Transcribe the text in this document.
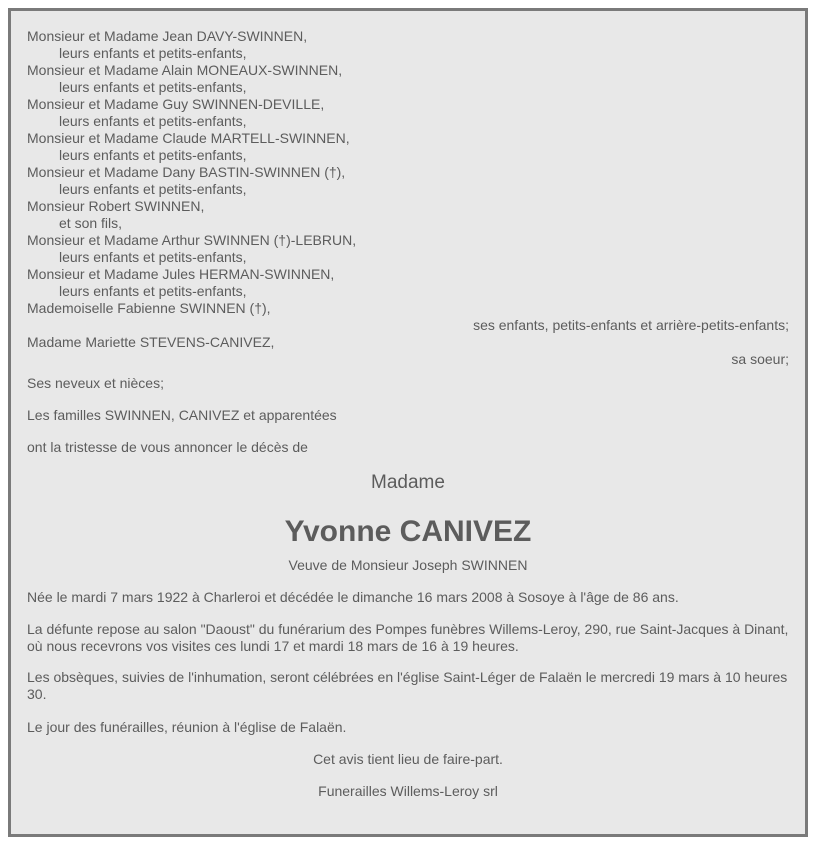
Monsieur et Madame Jean DAVY-SWINNEN,
leurs enfants et petits-enfants,
Monsieur et Madame Alain MONEAUX-SWINNEN,
leurs enfants et petits-enfants,
Monsieur et Madame Guy SWINNEN-DEVILLE,
leurs enfants et petits-enfants,
Monsieur et Madame Claude MARTELL-SWINNEN,
leurs enfants et petits-enfants,
Monsieur et Madame Dany BASTIN-SWINNEN (†),
leurs enfants et petits-enfants,
Monsieur Robert SWINNEN,
et son fils,
Monsieur et Madame Arthur SWINNEN (†)-LEBRUN,
leurs enfants et petits-enfants,
Monsieur et Madame Jules HERMAN-SWINNEN,
leurs enfants et petits-enfants,
Mademoiselle Fabienne SWINNEN (†),
ses enfants, petits-enfants et arrière-petits-enfants;
Madame Mariette STEVENS-CANIVEZ,
sa soeur;

Ses neveux et nièces;

Les familles SWINNEN, CANIVEZ et apparentées

ont la tristesse de vous annoncer le décès de

Madame

Yvonne CANIVEZ

Veuve de Monsieur Joseph SWINNEN

Née le mardi 7 mars 1922 à Charleroi et décédée le dimanche 16 mars 2008 à Sosoye à l'âge de 86 ans.

La défunte repose au salon "Daoust" du funérarium des Pompes funèbres Willems-Leroy, 290, rue Saint-Jacques à Dinant, où nous recevrons vos visites ces lundi 17 et mardi 18 mars de 16 à 19 heures.

Les obsèques, suivies de l'inhumation, seront célébrées en l'église Saint-Léger de Falaën le mercredi 19 mars à 10 heures 30.

Le jour des funérailles, réunion à l'église de Falaën.

Cet avis tient lieu de faire-part.

Funerailles Willems-Leroy srl
